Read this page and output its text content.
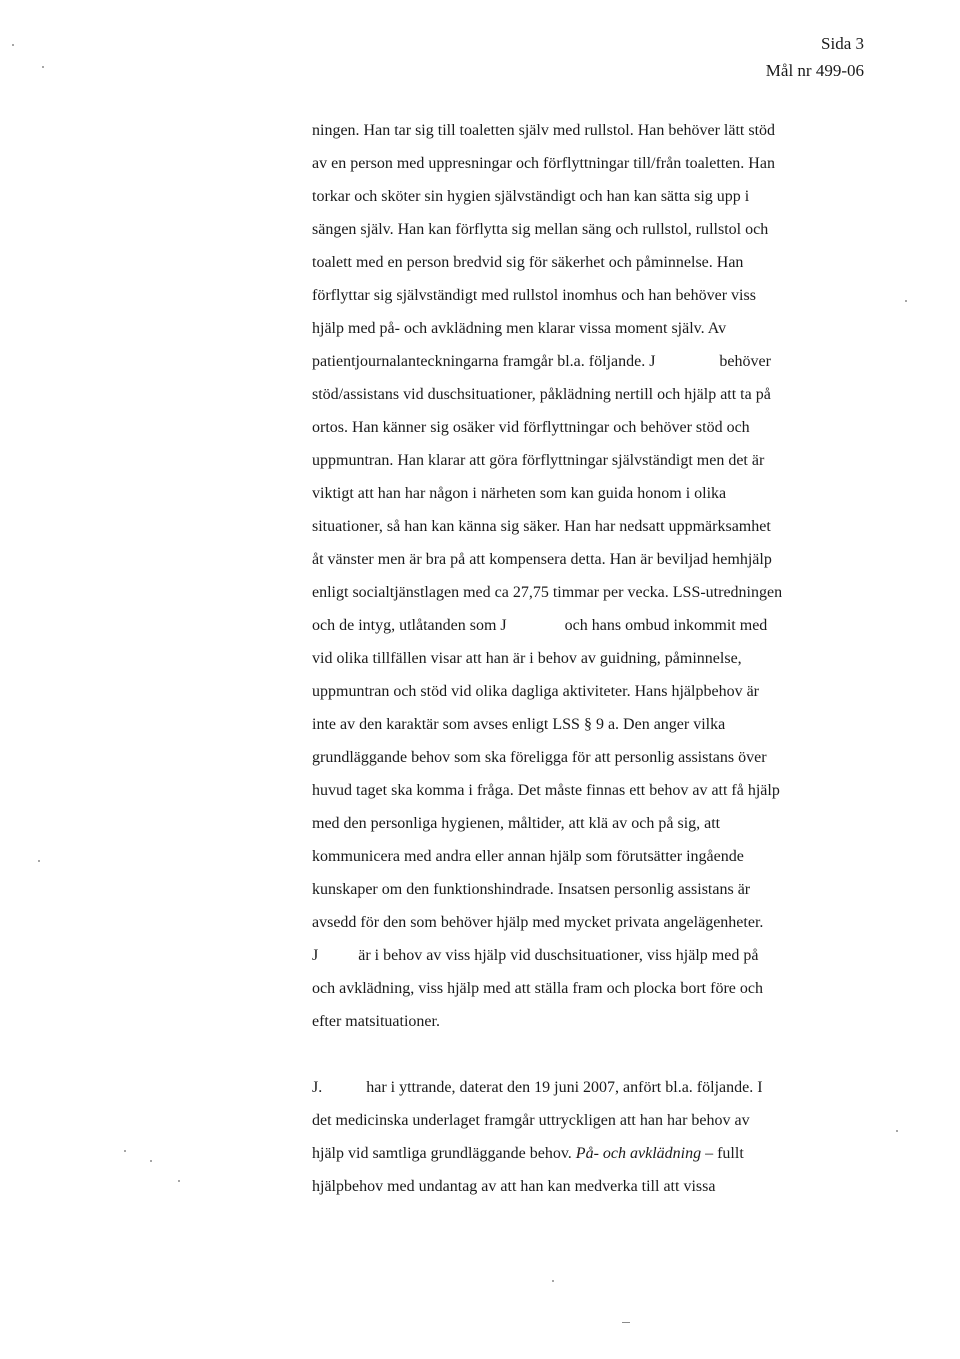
Sida 3
Mål nr 499-06
ningen. Han tar sig till toaletten själv med rullstol. Han behöver lätt stöd
av en person med uppresningar och förflyttningar till/från toaletten. Han
torkar och sköter sin hygien självständigt och han kan sätta sig upp i
sängen själv. Han kan förflytta sig mellan säng och rullstol, rullstol och
toalett med en person bredvid sig för säkerhet och påminnelse. Han
förflyttar sig självständigt med rullstol inomhus och han behöver viss
hjälp med på- och avklädning men klarar vissa moment själv. Av
patientjournalanteckningarna framgår bl.a. följande. J	behöver
stöd/assistans vid duschsituationer, påklädning nertill och hjälp att ta på
ortos. Han känner sig osäker vid förflyttningar och behöver stöd och
uppmuntran. Han klarar att göra förflyttningar självständigt men det är
viktigt att han har någon i närheten som kan guida honom i olika
situationer, så han kan känna sig säker. Han har nedsatt uppmärksamhet
åt vänster men är bra på att kompensera detta. Han är beviljad hemhjälp
enligt socialtjänstlagen med ca 27,75 timmar per vecka. LSS-utredningen
och de intyg, utlåtanden som J	och hans ombud inkommit med
vid olika tillfällen visar att han är i behov av guidning, påminnelse,
uppmuntran och stöd vid olika dagliga aktiviteter. Hans hjälpbehov är
inte av den karaktär som avses enligt LSS § 9 a. Den anger vilka
grundläggande behov som ska föreligga för att personlig assistans över
huvud taget ska komma i fråga. Det måste finnas ett behov av att få hjälp
med den personliga hygienen, måltider, att klä av och på sig, att
kommunicera med andra eller annan hjälp som förutsätter ingående
kunskaper om den funktionshindrade. Insatsen personlig assistans är
avsedd för den som behöver hjälp med mycket privata angelägenheter.
J	är i behov av viss hjälp vid duschsituationer, viss hjälp med på
och avklädning, viss hjälp med att ställa fram och plocka bort före och
efter matsituationer.
J.	har i yttrande, daterat den 19 juni 2007, anfört bl.a. följande. I
det medicinska underlaget framgår uttryckligen att han har behov av
hjälp vid samtliga grundläggande behov. På- och avklädning – fullt
hjälpbehov med undantag av att han kan medverka till att vissa
